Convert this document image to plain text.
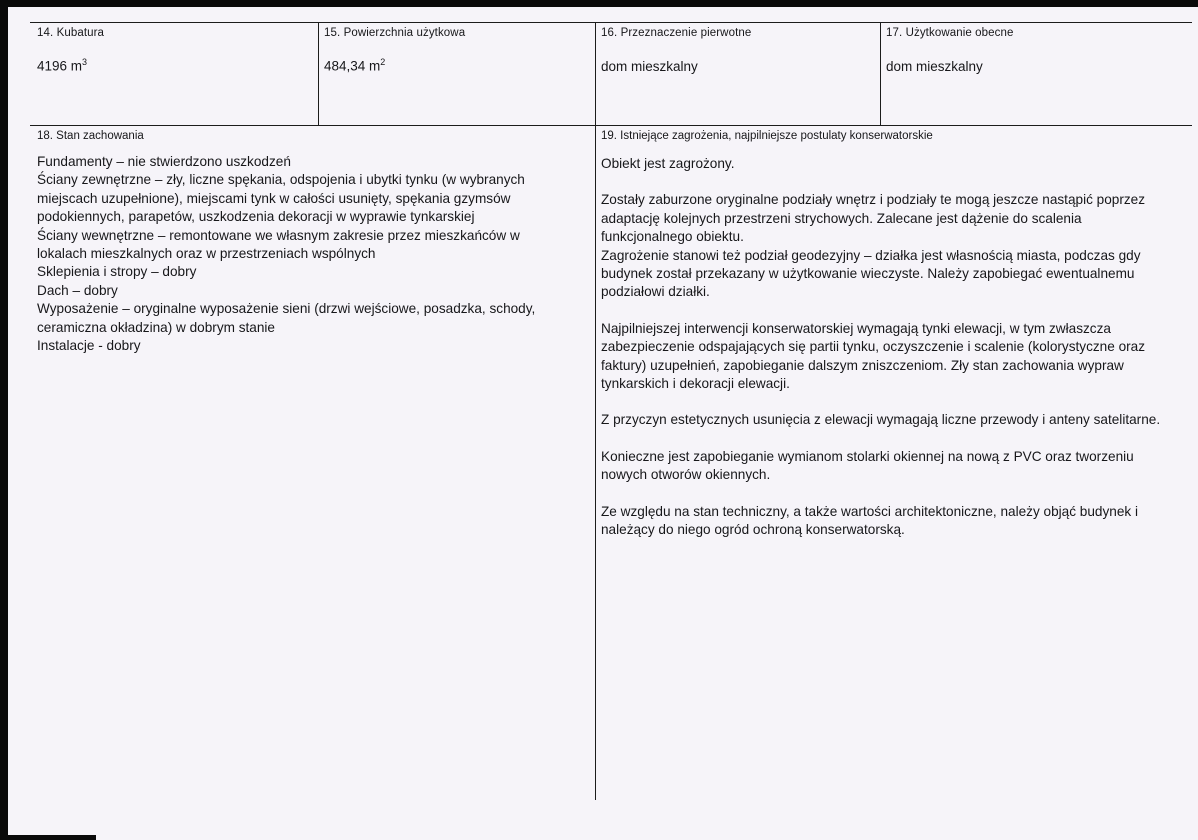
14. Kubatura
4196 $m^3$
15. Powierzchnia użytkowa
484,34 $m^2$
16. Przeznaczenie pierwotne
dom mieszkalny
17. Użytkowanie obecne
dom mieszkalny
18. Stan zachowania

Fundamenty – nie stwierdzono uszkodzeń

Ściany zewnętrzne – zły, liczne spękania, odspojenia i ubytki tynku (w wybranych miejscach uzupełnione), miejscami tynk w całości usunięty, spękania gzymsów podokiennych, parapetów, uszkodzenia dekoracji w wyprawie tynkarskiej

Ściany wewnętrzne – remontowane we własnym zakresie przez mieszkańców w lokalach mieszkalnych oraz w przestrzeniach wspólnych

Sklepienia i stropy – dobry

Dach – dobry

Wyposażenie – oryginalne wyposażenie sieni (drzwi wejściowe, posadzka, schody, ceramiczna okładzina) w dobrym stanie

Instalacje - dobry

19. Istniejące zagrożenia, najpilniejsze postulaty konserwatorskie

Obiekt jest zagrożony.

Zostały zaburzone oryginalne podziały wnętrz i podziały te mogą jeszcze nastąpić poprzez adaptację kolejnych przestrzeni strychowych. Zalecane jest dążenie do scalenia funkcjonalnego obiektu.

Zagrożenie stanowi też podział geodezyjny – działka jest własnością miasta, podczas gdy budynek został przekazany w użytkowanie wieczyste. Należy zapobiegać ewentualnemu podziałowi działki.

Najpilniejszej interwencji konserwatorskiej wymagają tynki elewacji, w tym zwłaszcza zabezpieczenie odspajających się partii tynku, oczyszczenie i scalenie (kolorystyczne oraz faktury) uzupełnień, zapobieganie dalszym zniszczeniom. Zły stan zachowania wypraw tynkarskich i dekoracji elewacji.

Z przyczyn estetycznych usunięcia z elewacji wymagają liczne przewody i anteny satelitarne.

Konieczne jest zapobieganie wymianom stolarki okiennej na nową z PVC oraz tworzeniu nowych otworów okiennych.

Ze względu na stan techniczny, a także wartości architektoniczne, należy objąć budynek i należący do niego ogród ochroną konserwatorską.
